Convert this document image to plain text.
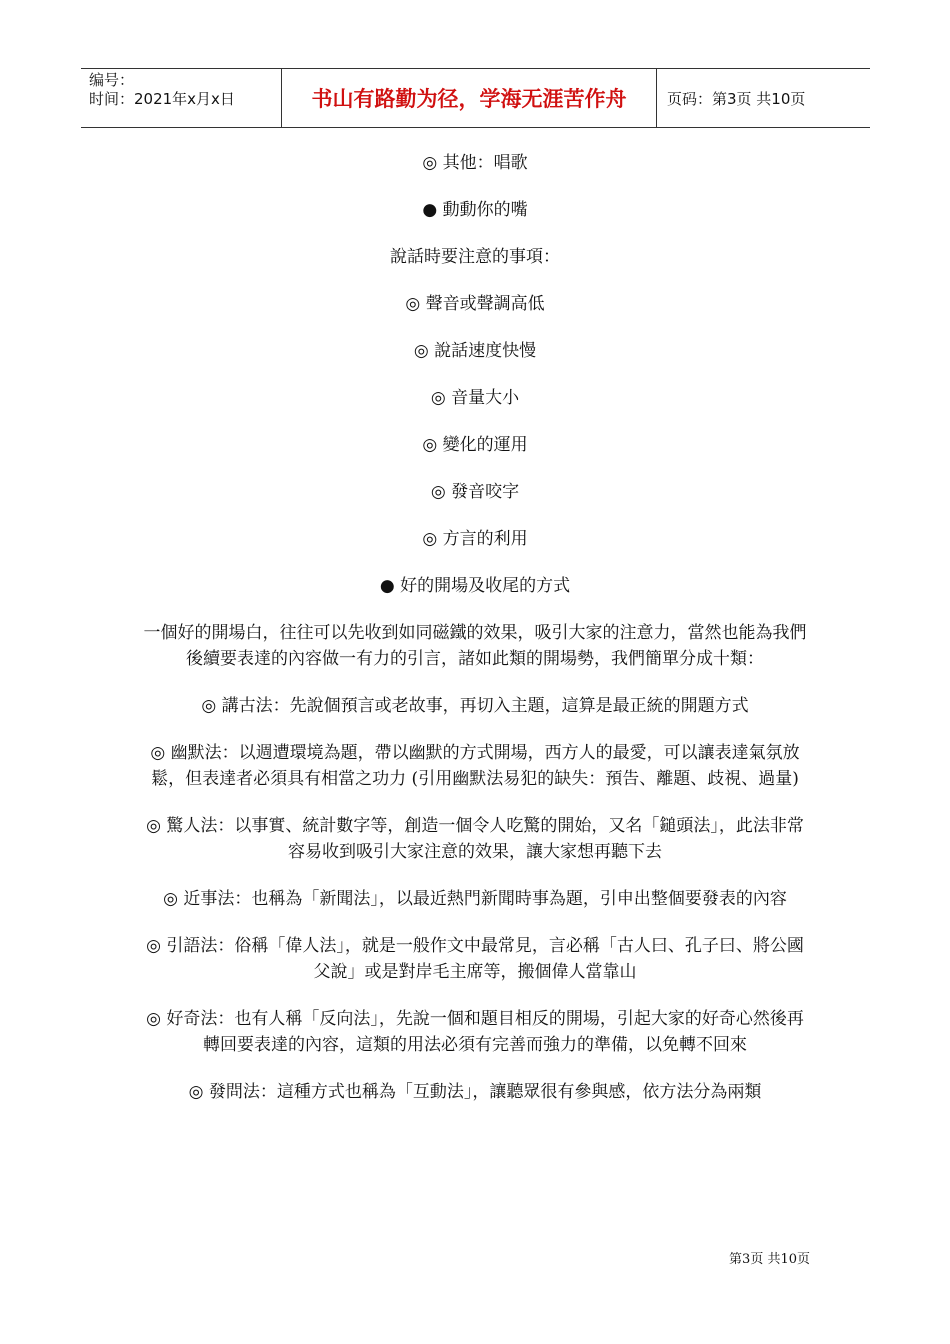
编号：
时间：2021年x月x日	书山有路勤为径，学海无涯苦作舟	页码：第3页 共10页

◎ 其他：唱歌

● 動動你的嘴

說話時要注意的事項：

◎ 聲音或聲調高低

◎ 說話速度快慢

◎ 音量大小

◎ 變化的運用

◎ 發音咬字

◎ 方言的利用

● 好的開場及收尾的方式

一個好的開場白，往往可以先收到如同磁鐵的效果，吸引大家的注意力，當然也能為我們後續要表達的內容做一有力的引言，諸如此類的開場勢，我們簡單分成十類：

◎ 講古法：先說個預言或老故事，再切入主題，這算是最正統的開題方式

◎ 幽默法：以週遭環境為題，帶以幽默的方式開場，西方人的最愛，可以讓表達氣氛放鬆，但表達者必須具有相當之功力 (引用幽默法易犯的缺失：預告、離題、歧視、過量)

◎ 驚人法：以事實、統計數字等，創造一個令人吃驚的開始，又名「鎚頭法」，此法非常容易收到吸引大家注意的效果，讓大家想再聽下去

◎ 近事法：也稱為「新聞法」，以最近熱門新聞時事為題，引申出整個要發表的內容

◎ 引語法：俗稱「偉人法」，就是一般作文中最常見，言必稱「古人曰、孔子曰、將公國父說」或是對岸毛主席等，搬個偉人當靠山

◎ 好奇法：也有人稱「反向法」，先說一個和題目相反的開場，引起大家的好奇心然後再轉回要表達的內容，這類的用法必須有完善而強力的準備，以免轉不回來

◎ 發問法：這種方式也稱為「互動法」，讓聽眾很有參與感，依方法分為兩類

第3页 共10页
